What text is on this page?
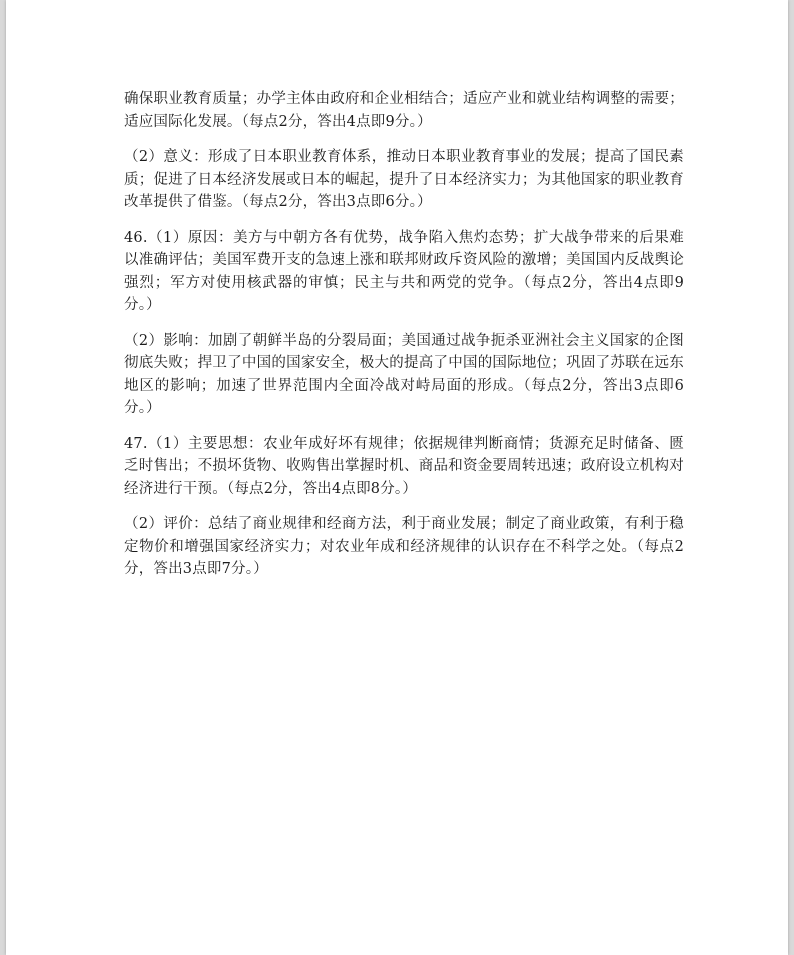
确保职业教育质量；办学主体由政府和企业相结合；适应产业和就业结构调整的需要；适应国际化发展。（每点2分，答出4点即9分。）

（2）意义：形成了日本职业教育体系，推动日本职业教育事业的发展；提高了国民素质；促进了日本经济发展或日本的崛起，提升了日本经济实力；为其他国家的职业教育改革提供了借鉴。（每点2分，答出3点即6分。）

46.（1）原因：美方与中朝方各有优势，战争陷入焦灼态势；扩大战争带来的后果难以准确评估；美国军费开支的急速上涨和联邦财政斥资风险的激增；美国国内反战舆论强烈；军方对使用核武器的审慎；民主与共和两党的党争。（每点2分，答出4点即9分。）

（2）影响：加剧了朝鲜半岛的分裂局面；美国通过战争扼杀亚洲社会主义国家的企图彻底失败；捍卫了中国的国家安全，极大的提高了中国的国际地位；巩固了苏联在远东地区的影响；加速了世界范围内全面冷战对峙局面的形成。（每点2分，答出3点即6分。）

47.（1）主要思想：农业年成好坏有规律；依据规律判断商情；货源充足时储备、匮乏时售出；不损坏货物、收购售出掌握时机、商品和资金要周转迅速；政府设立机构对经济进行干预。（每点2分，答出4点即8分。）

（2）评价：总结了商业规律和经商方法，利于商业发展；制定了商业政策，有利于稳定物价和增强国家经济实力；对农业年成和经济规律的认识存在不科学之处。（每点2分，答出3点即7分。）
